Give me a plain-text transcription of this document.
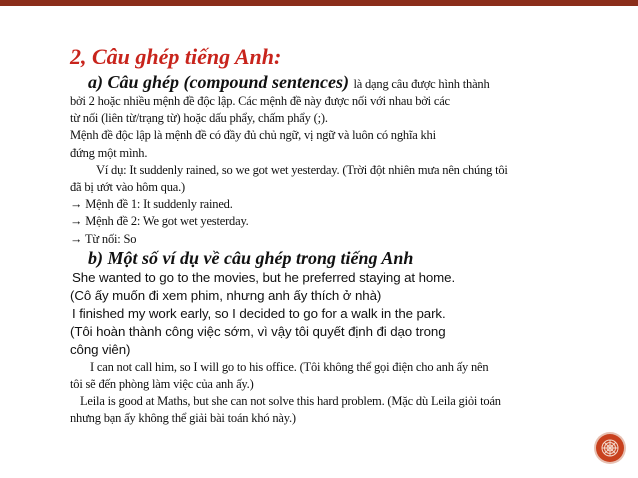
2, Câu ghép tiếng Anh:
a) Câu ghép (compound sentences) là dạng câu được hình thành
bởi 2 hoặc nhiều mệnh đề độc lập. Các mệnh đề này được nối với nhau bởi các
từ nối (liên từ/trạng từ) hoặc dấu phẩy, chấm phẩy (;).
Mệnh đề độc lập là mệnh đề có đầy đủ chủ ngữ, vị ngữ và luôn có nghĩa khi
đứng một mình.
Ví dụ: It suddenly rained, so we got wet yesterday. (Trời đột nhiên mưa nên chúng tôi
đã bị ướt vào hôm qua.)
→ Mệnh đề 1: It suddenly rained.
→ Mệnh đề 2: We got wet yesterday.
→ Từ nối: So
b) Một số ví dụ về câu ghép trong tiếng Anh
She wanted to go to the movies, but he preferred staying at home.
(Cô ấy muốn đi xem phim, nhưng anh ấy thích ở nhà)
I finished my work early, so I decided to go for a walk in the park.
(Tôi hoàn thành công việc sớm, vì vậy tôi quyết định đi dạo trong
công viên)
I can not call him, so I will go to his office. (Tôi không thể gọi điện cho anh ấy nên
tôi sẽ đến phòng làm việc của anh ấy.)
Leila is good at Maths, but she can not solve this hard problem. (Mặc dù Leila giỏi toán
nhưng bạn ấy không thể giải bài toán khó này.)
